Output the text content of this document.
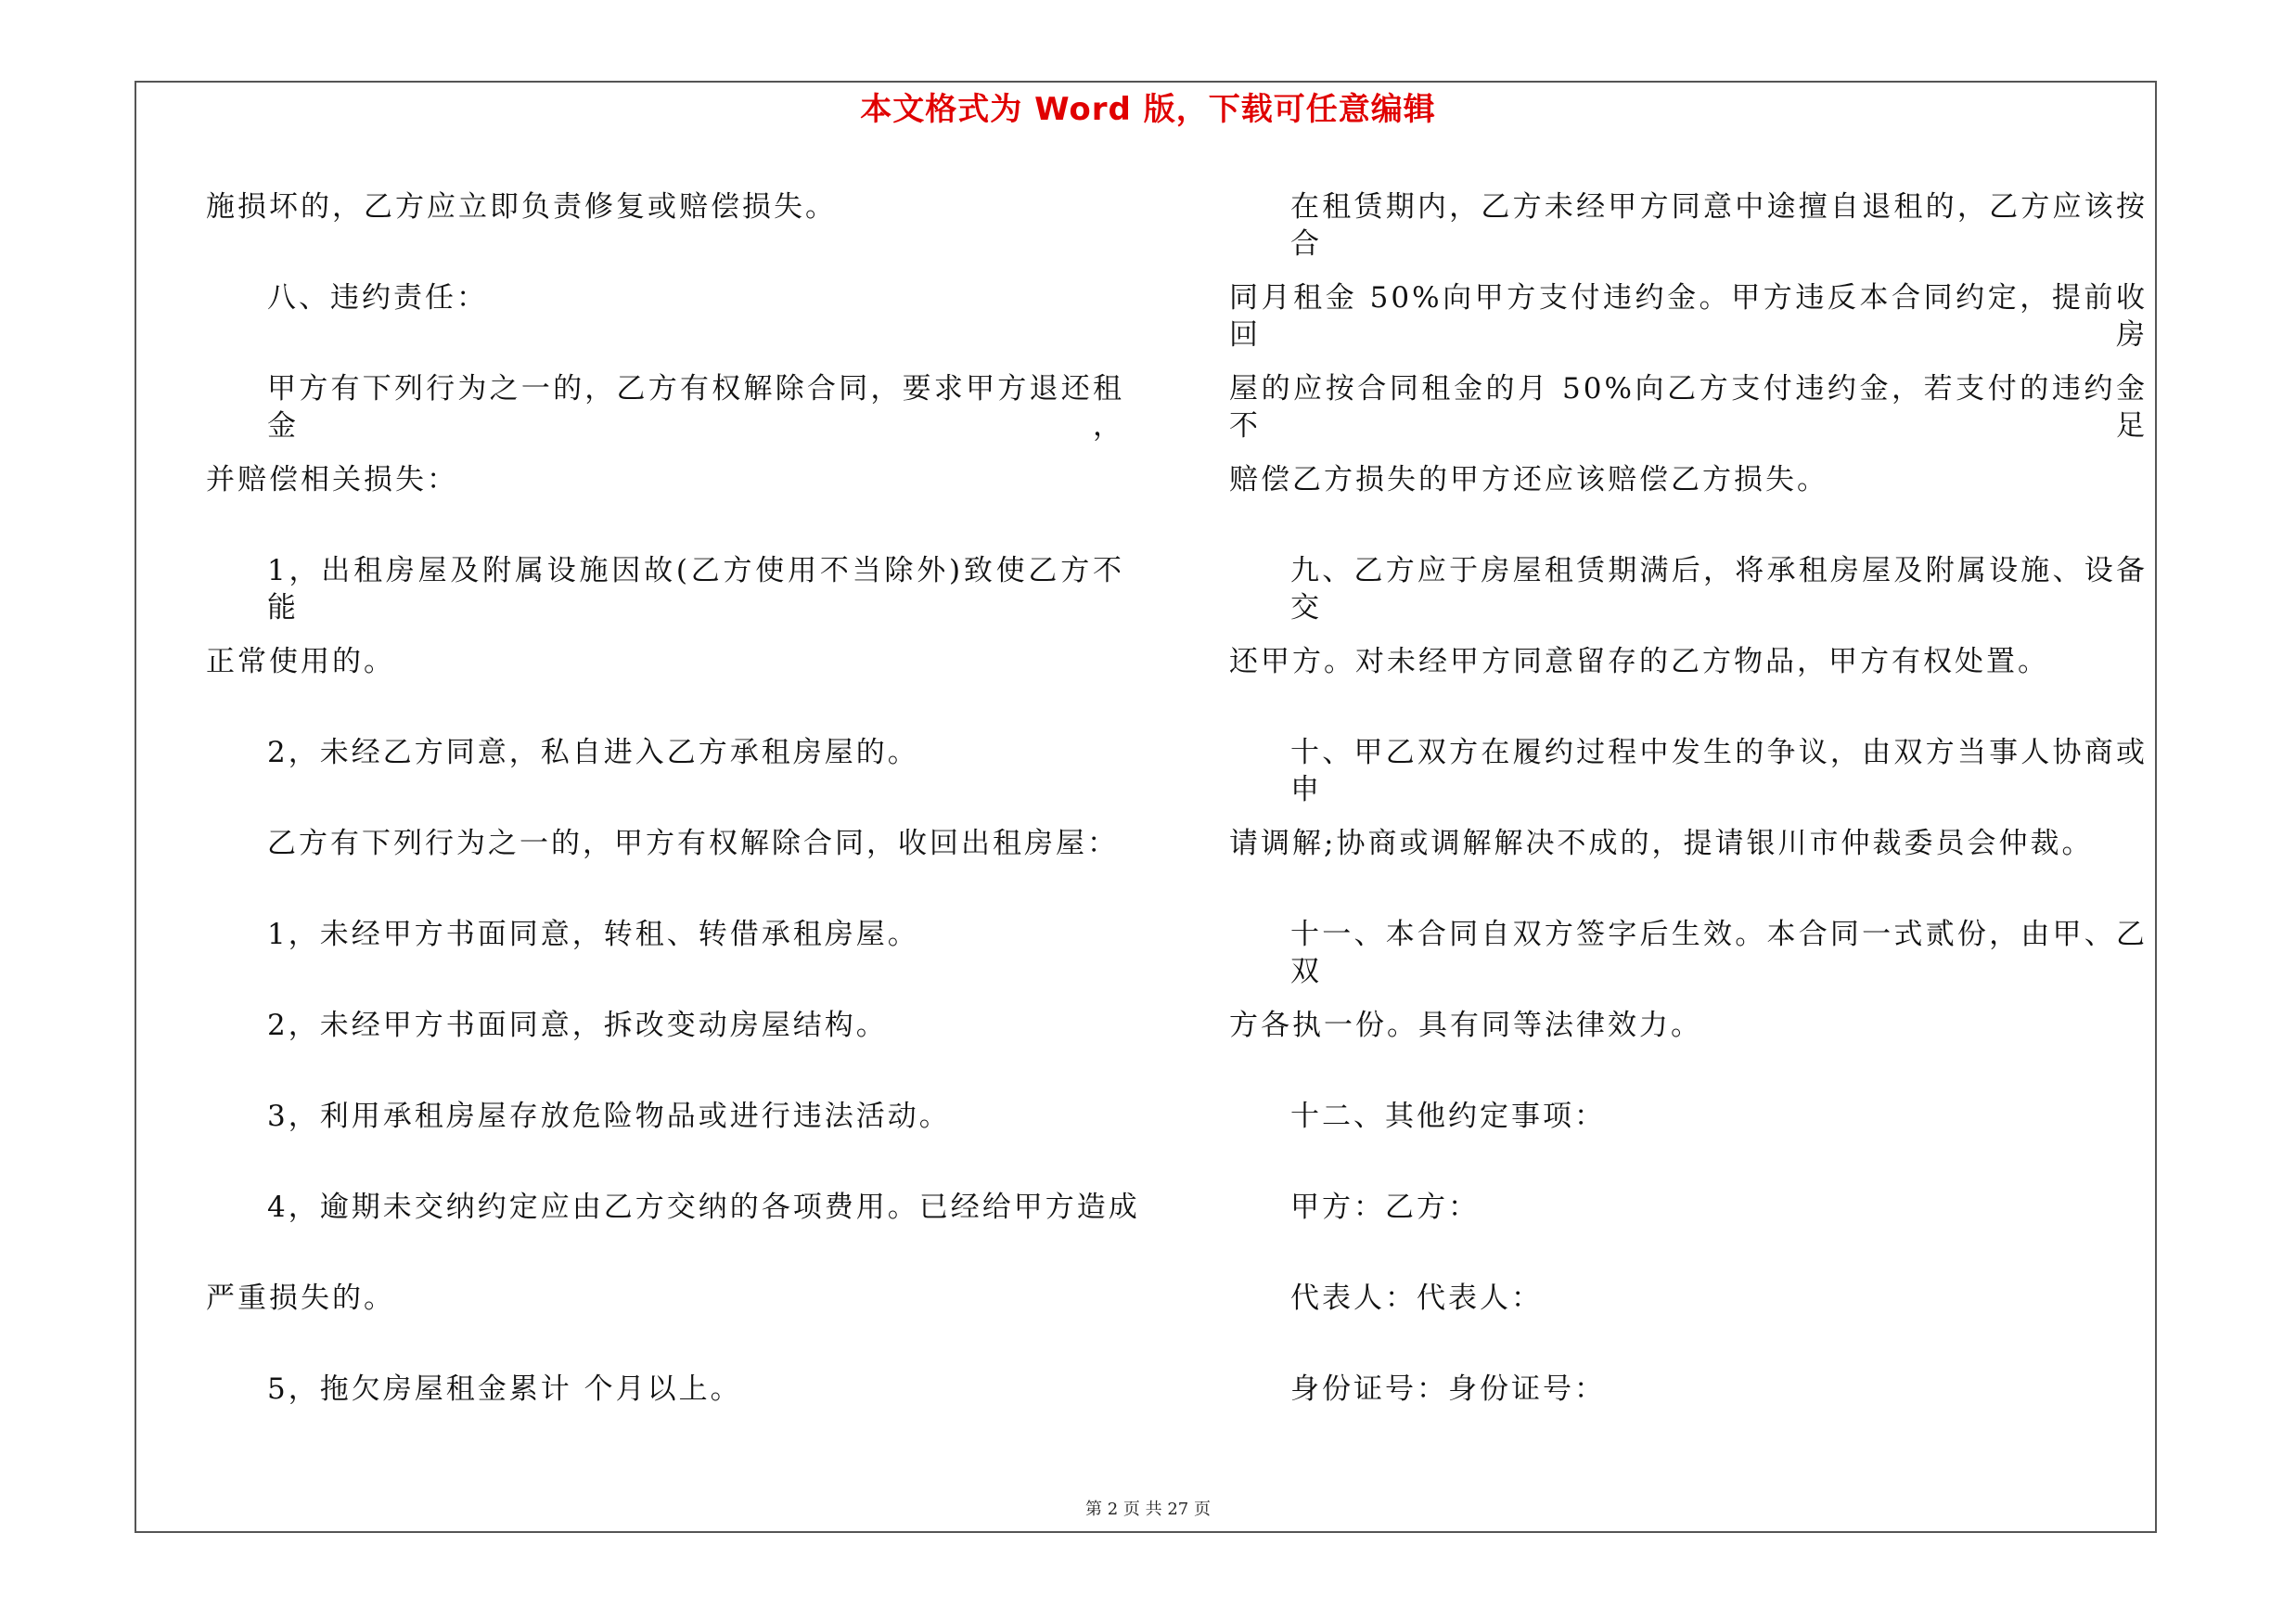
本文格式为 Word 版，下载可任意编辑
施损坏的，乙方应立即负责修复或赔偿损失。
八、违约责任：
甲方有下列行为之一的，乙方有权解除合同，要求甲方退还租金，
并赔偿相关损失：
1，出租房屋及附属设施因故(乙方使用不当除外)致使乙方不能
正常使用的。
2，未经乙方同意，私自进入乙方承租房屋的。
乙方有下列行为之一的，甲方有权解除合同，收回出租房屋：
1，未经甲方书面同意，转租、转借承租房屋。
2，未经甲方书面同意，拆改变动房屋结构。
3，利用承租房屋存放危险物品或进行违法活动。
4，逾期未交纳约定应由乙方交纳的各项费用。已经给甲方造成
严重损失的。
5，拖欠房屋租金累计 个月以上。
在租赁期内，乙方未经甲方同意中途擅自退租的，乙方应该按合
同月租金 50%向甲方支付违约金。甲方违反本合同约定，提前收回房
屋的应按合同租金的月 50%向乙方支付违约金，若支付的违约金不足
赔偿乙方损失的甲方还应该赔偿乙方损失。
九、乙方应于房屋租赁期满后，将承租房屋及附属设施、设备交
还甲方。对未经甲方同意留存的乙方物品，甲方有权处置。
十、甲乙双方在履约过程中发生的争议，由双方当事人协商或申
请调解;协商或调解解决不成的，提请银川市仲裁委员会仲裁。
十一、本合同自双方签字后生效。本合同一式贰份，由甲、乙双
方各执一份。具有同等法律效力。
十二、其他约定事项：
甲方：乙方：
代表人：代表人：
身份证号：身份证号：
第 2 页 共 27 页
